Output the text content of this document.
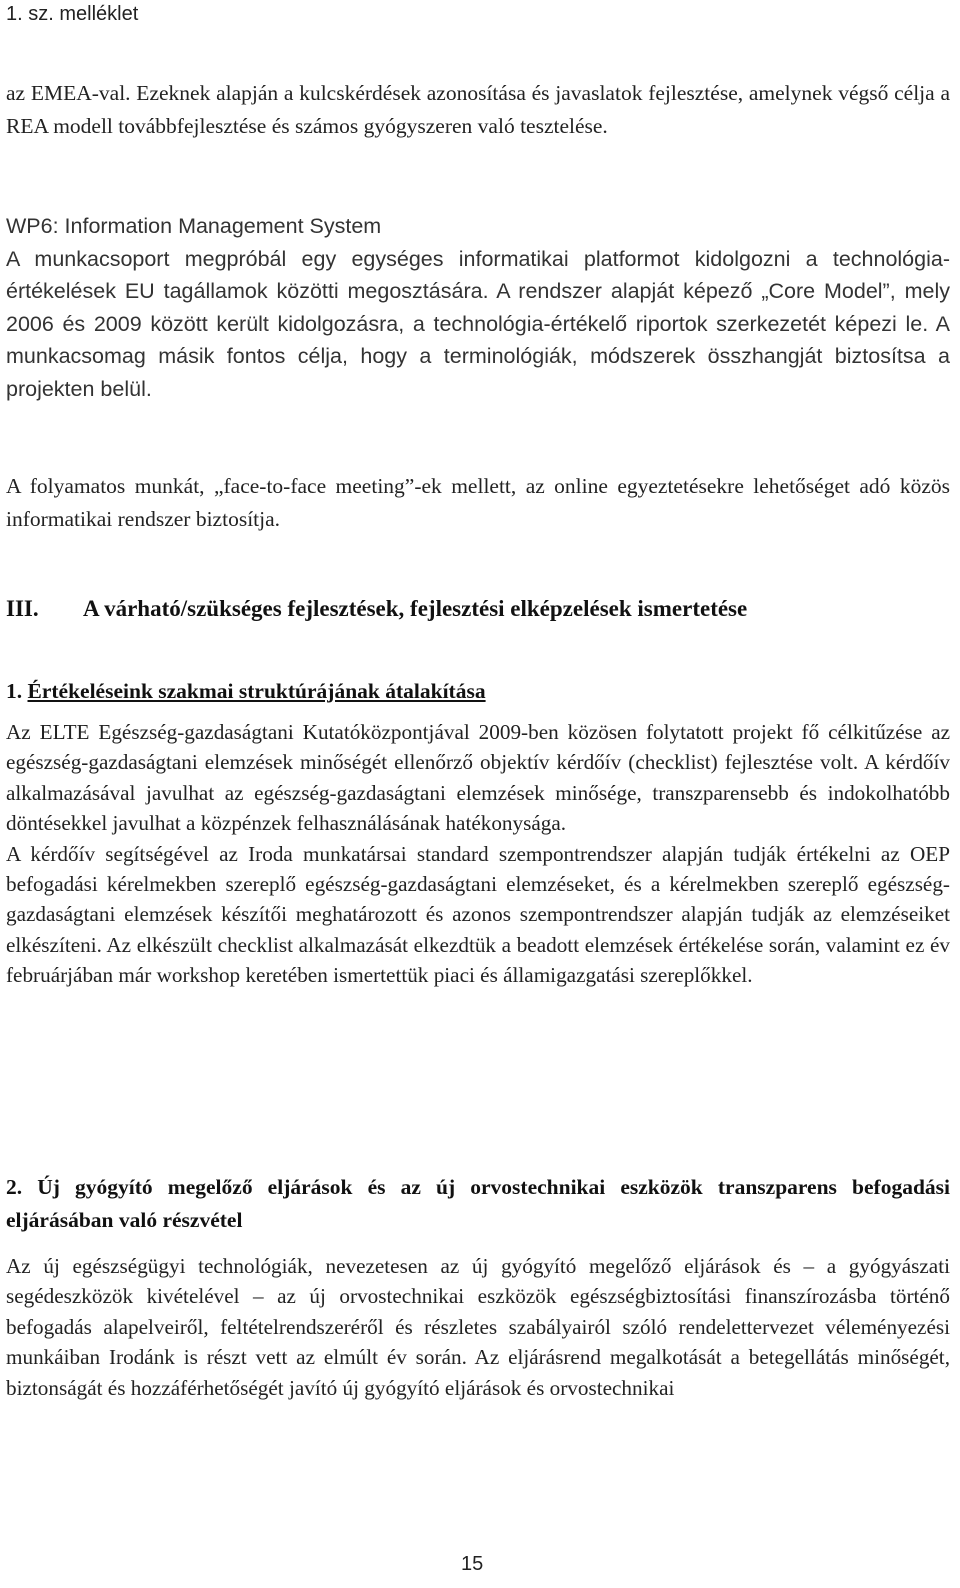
1. sz. melléklet

az EMEA-val. Ezeknek alapján a kulcskérdések azonosítása és javaslatok fejlesztése, amelynek végső célja a REA modell továbbfejlesztése és számos gyógyszeren való tesztelése.

WP6: Information Management System

A munkacsoport megpróbál egy egységes informatikai platformot kidolgozni a technológia-értékelések EU tagállamok közötti megosztására. A rendszer alapját képező „Core Model”, mely 2006 és 2009 között került kidolgozásra, a technológia-értékelő riportok szerkezetét képezi le. A munkacsomag másik fontos célja, hogy a terminológiák, módszerek összhangját biztosítsa a projekten belül.

A folyamatos munkát, „face-to-face meeting”-ek mellett, az online egyeztetésekre lehetőséget adó közös informatikai rendszer biztosítja.

III. A várható/szükséges fejlesztések, fejlesztési elképzelések ismertetése
1. Értékeléseink szakmai struktúrájának átalakítása

Az ELTE Egészség-gazdaságtani Kutatóközpontjával 2009-ben közösen folytatott projekt fő célkitűzése az egészség-gazdaságtani elemzések minőségét ellenőrző objektív kérdőív (checklist) fejlesztése volt. A kérdőív alkalmazásával javulhat az egészség-gazdaságtani elemzések minősége, transzparensebb és indokolhatóbb döntésekkel javulhat a közpénzek felhasználásának hatékonysága.

A kérdőív segítségével az Iroda munkatársai standard szempontrendszer alapján tudják értékelni az OEP befogadási kérelmekben szereplő egészség-gazdaságtani elemzéseket, és a kérelmekben szereplő egészség-gazdaságtani elemzések készítői meghatározott és azonos szempontrendszer alapján tudják az elemzéseiket elkészíteni. Az elkészült checklist alkalmazását elkezdtük a beadott elemzések értékelése során, valamint ez év februárjában már workshop keretében ismertettük piaci és államigazgatási szereplőkkel.

2. Új gyógyító megelőző eljárások és az új orvostechnikai eszközök transzparens befogadási eljárásában való részvétel

Az új egészségügyi technológiák, nevezetesen az új gyógyító megelőző eljárások és – a gyógyászati segédeszközök kivételével – az új orvostechnikai eszközök egészségbiztosítási finanszírozásba történő befogadás alapelveiről, feltételrendszeréről és részletes szabályairól szóló rendelettervezet véleményezési munkáiban Irodánk is részt vett az elmúlt év során. Az eljárásrend megalkotását a betegellátás minőségét, biztonságát és hozzáférhetőségét javító új gyógyító eljárások és orvostechnikai

15
